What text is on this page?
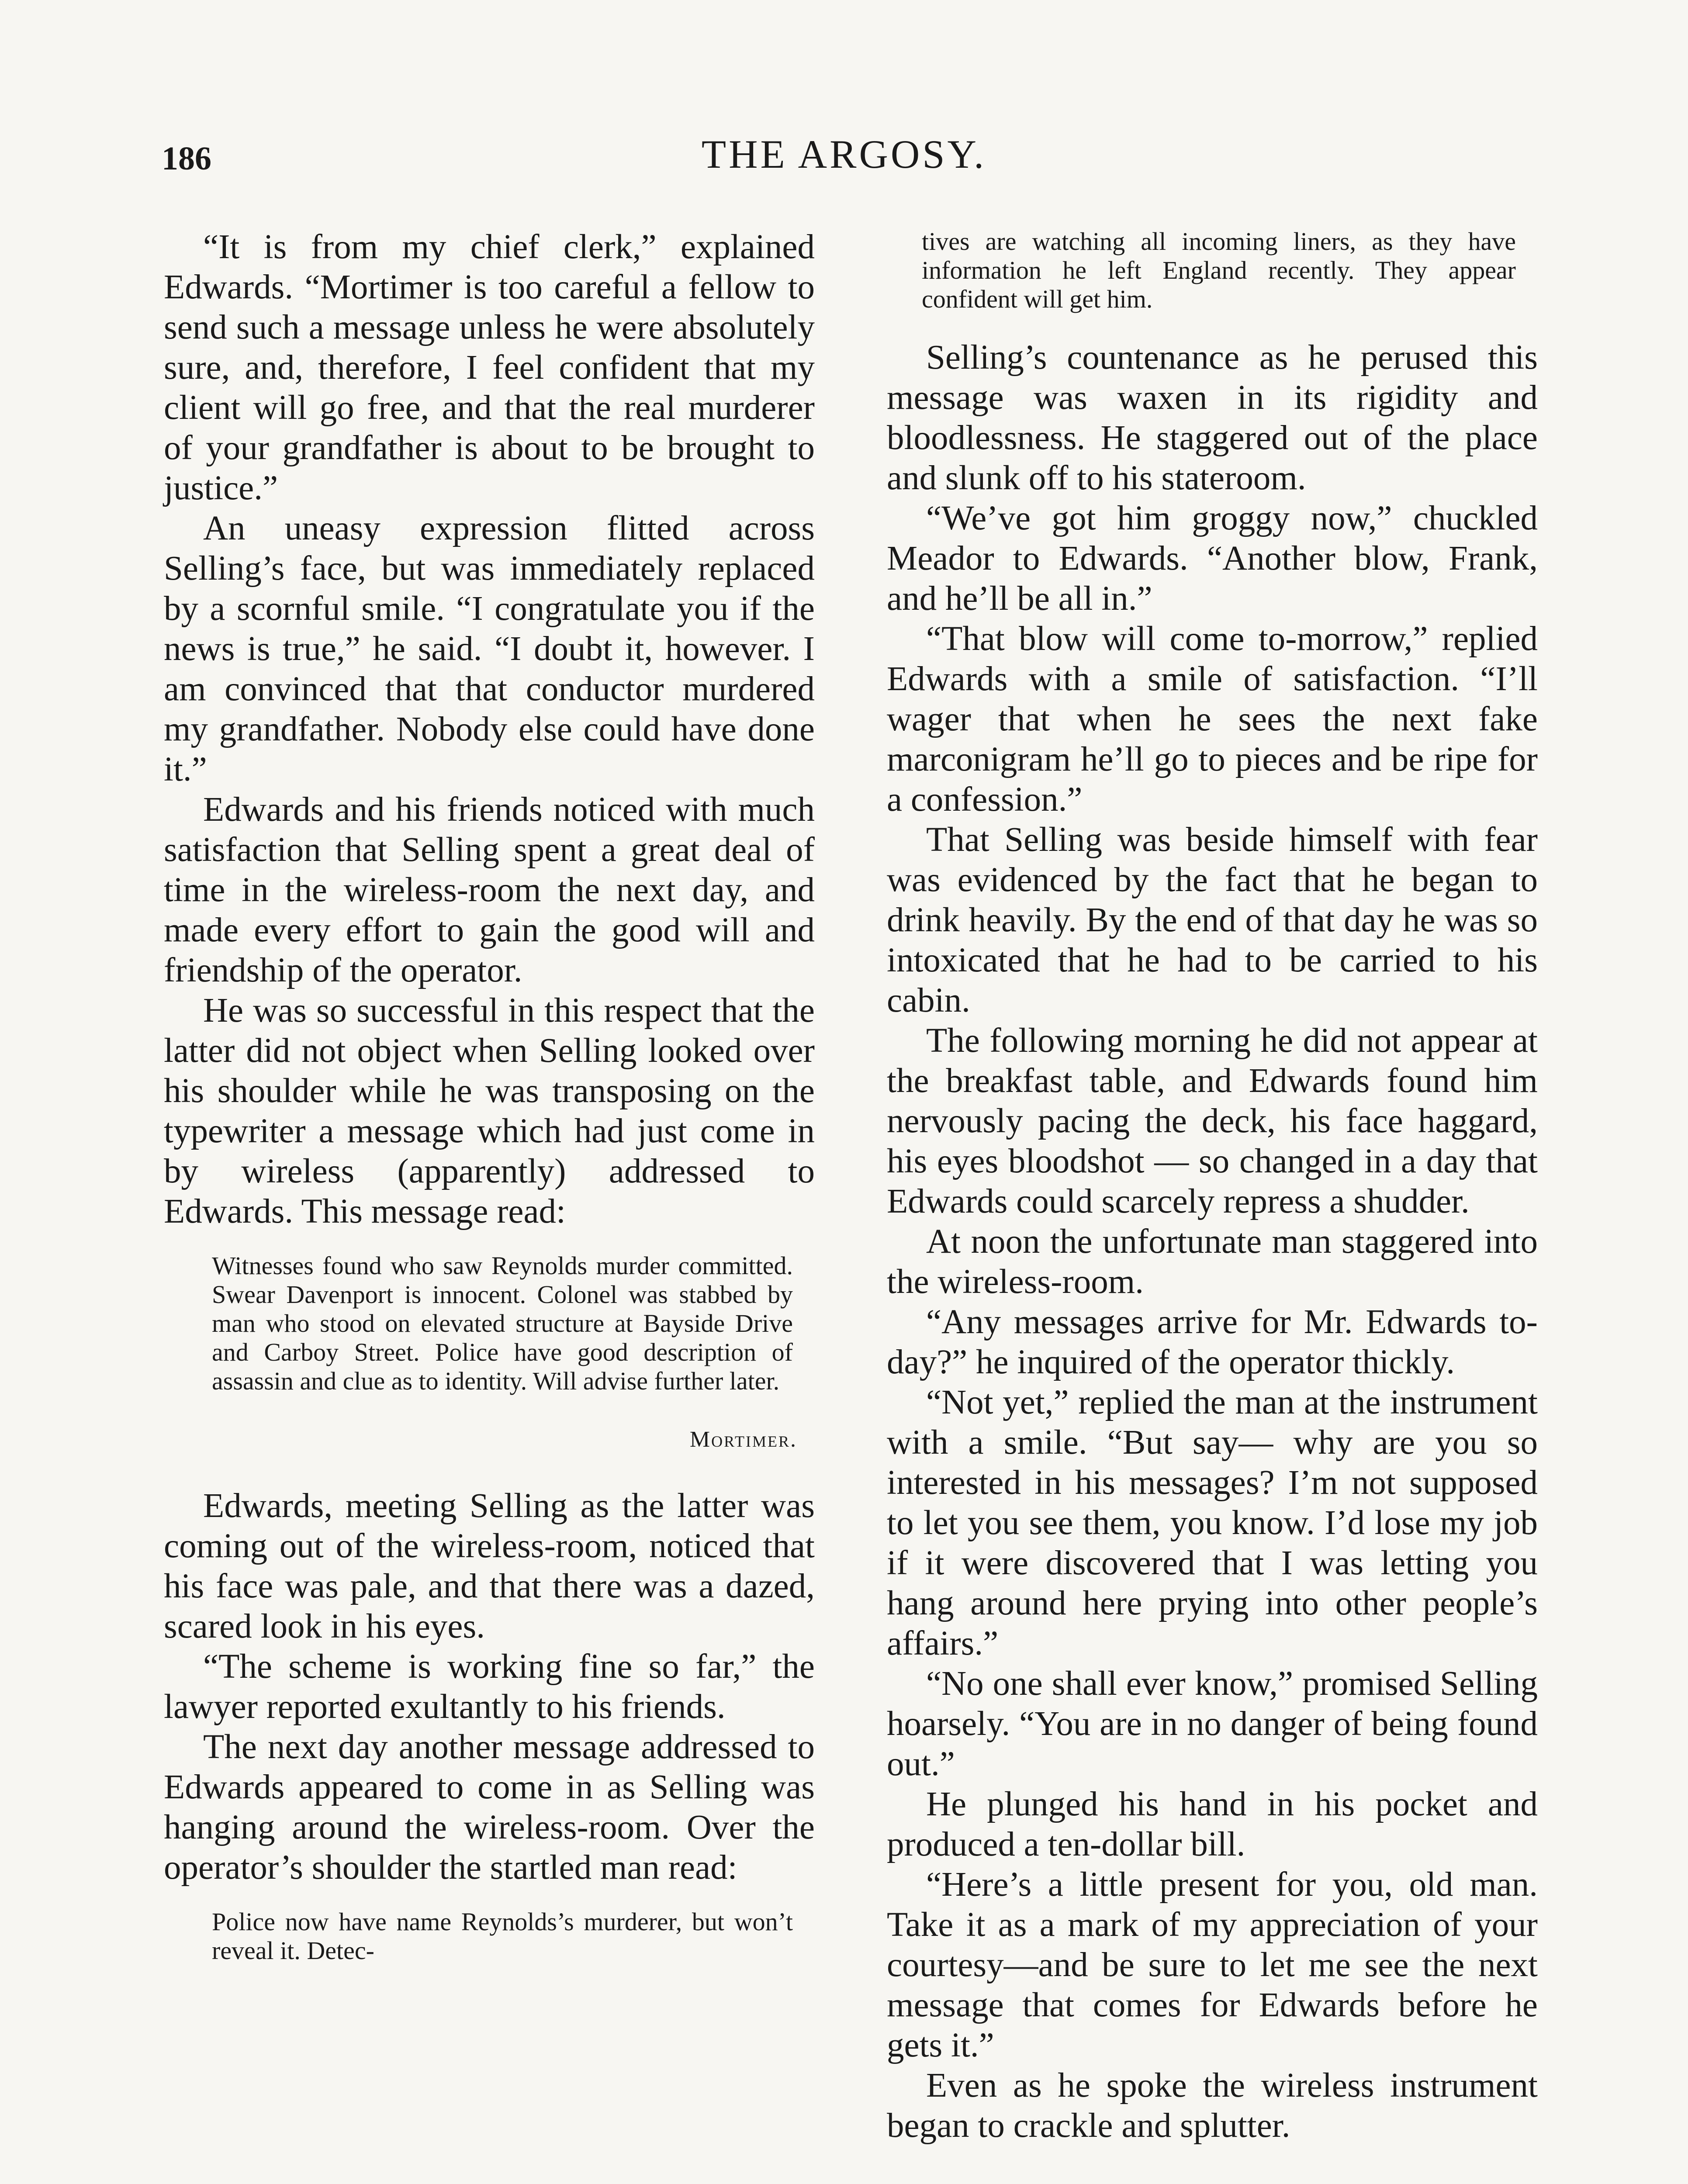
186	THE ARGOSY.

“It is from my chief clerk,” explained Edwards. “Mortimer is too careful a fellow to send such a message unless he were absolutely sure, and, therefore, I feel confident that my client will go free, and that the real murderer of your grandfather is about to be brought to justice.”

An uneasy expression flitted across Selling’s face, but was immediately replaced by a scornful smile. “I congratulate you if the news is true,” he said. “I doubt it, however. I am convinced that that conductor murdered my grandfather. Nobody else could have done it.”

Edwards and his friends noticed with much satisfaction that Selling spent a great deal of time in the wireless-room the next day, and made every effort to gain the good will and friendship of the operator.

He was so successful in this respect that the latter did not object when Selling looked over his shoulder while he was transposing on the typewriter a message which had just come in by wireless (apparently) addressed to Edwards. This message read:

Witnesses found who saw Reynolds murder committed. Swear Davenport is innocent. Colonel was stabbed by man who stood on elevated structure at Bayside Drive and Carboy Street. Police have good description of assassin and clue as to identity. Will advise further later.
Mortimer.

Edwards, meeting Selling as the latter was coming out of the wireless-room, noticed that his face was pale, and that there was a dazed, scared look in his eyes.

“The scheme is working fine so far,” the lawyer reported exultantly to his friends.

The next day another message addressed to Edwards appeared to come in as Selling was hanging around the wireless-room. Over the operator’s shoulder the startled man read:

Police now have name Reynolds’s murderer, but won’t reveal it. Detec-
tives are watching all incoming liners, as they have information he left England recently. They appear confident will get him.

Selling’s countenance as he perused this message was waxen in its rigidity and bloodlessness. He staggered out of the place and slunk off to his stateroom.

“We’ve got him groggy now,” chuckled Meador to Edwards. “Another blow, Frank, and he’ll be all in.”

“That blow will come to-morrow,” replied Edwards with a smile of satisfaction. “I’ll wager that when he sees the next fake marconigram he’ll go to pieces and be ripe for a confession.”

That Selling was beside himself with fear was evidenced by the fact that he began to drink heavily. By the end of that day he was so intoxicated that he had to be carried to his cabin.

The following morning he did not appear at the breakfast table, and Edwards found him nervously pacing the deck, his face haggard, his eyes bloodshot — so changed in a day that Edwards could scarcely repress a shudder.

At noon the unfortunate man staggered into the wireless-room.

“Any messages arrive for Mr. Edwards to-day?” he inquired of the operator thickly.

“Not yet,” replied the man at the instrument with a smile. “But say— why are you so interested in his messages? I’m not supposed to let you see them, you know. I’d lose my job if it were discovered that I was letting you hang around here prying into other people’s affairs.”

“No one shall ever know,” promised Selling hoarsely. “You are in no danger of being found out.”

He plunged his hand in his pocket and produced a ten-dollar bill.

“Here’s a little present for you, old man. Take it as a mark of my appreciation of your courtesy—and be sure to let me see the next message that comes for Edwards before he gets it.”

Even as he spoke the wireless instrument began to crackle and splutter.
